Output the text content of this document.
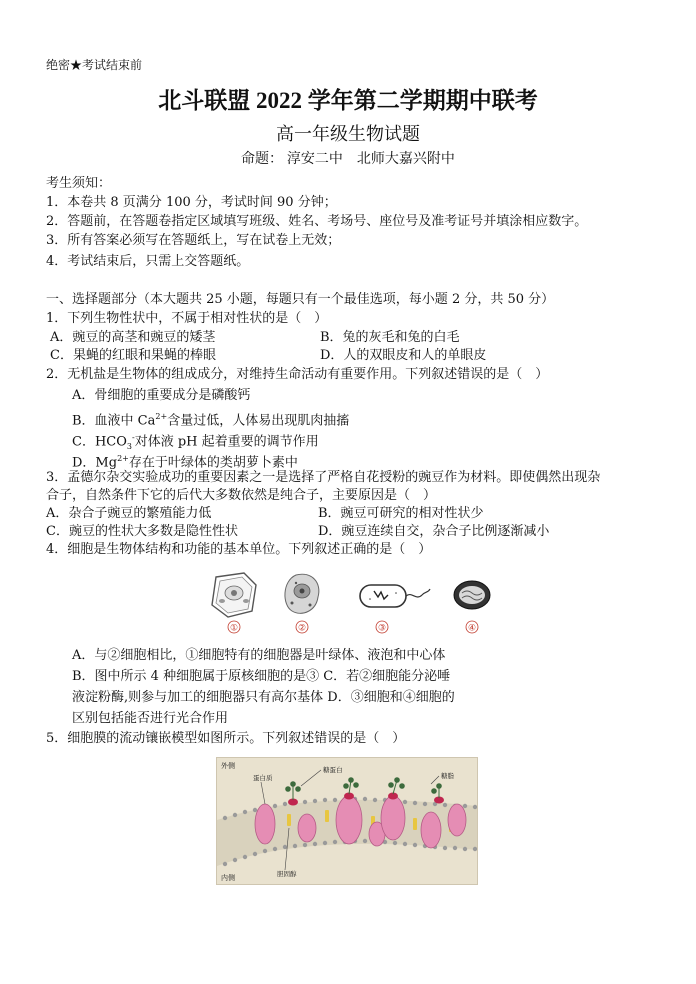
绝密★考试结束前
北斗联盟 2022 学年第二学期期中联考
高一年级生物试题
命题： 淳安二中　北师大嘉兴附中
考生须知：
1．本卷共 8 页满分 100 分，考试时间 90 分钟；
2．答题前，在答题卷指定区域填写班级、姓名、考场号、座位号及准考证号并填涂相应数字。
3．所有答案必须写在答题纸上，写在试卷上无效；
4．考试结束后，只需上交答题纸。
一、选择题部分（本大题共 25 小题，每题只有一个最佳选项，每小题 2 分，共 50 分）
1．下列生物性状中，不属于相对性状的是（　）
A．豌豆的高茎和豌豆的矮茎	B．兔的灰毛和兔的白毛
C．果蝇的红眼和果蝇的棒眼	D．人的双眼皮和人的单眼皮
2．无机盐是生物体的组成成分，对维持生命活动有重要作用。下列叙述错误的是（　）
A．骨细胞的重要成分是磷酸钙
B．血液中 $Ca^{2+}$含量过低，人体易出现肌肉抽搐
C．$HCO_3^-$对体液 pH 起着重要的调节作用
D．$Mg^{2+}$存在于叶绿体的类胡萝卜素中
3．孟德尔杂交实验成功的重要因素之一是选择了严格自花授粉的豌豆作为材料。即使偶然出现杂
合子，自然条件下它的后代大多数依然是纯合子，主要原因是（　）
A．杂合子豌豆的繁殖能力低	B．豌豆可研究的相对性状少
C．豌豆的性状大多数是隐性性状	D．豌豆连续自交，杂合子比例逐渐减小
4．细胞是生物体结构和功能的基本单位。下列叙述正确的是（　）
①	②	③	④
A．与②细胞相比，①细胞特有的细胞器是叶绿体、液泡和中心体
B．图中所示 4 种细胞属于原核细胞的是③ C．若②细胞能分泌唾
液淀粉酶,则参与加工的细胞器只有高尔基体 D．③细胞和④细胞的
区别包括能否进行光合作用
5．细胞膜的流动镶嵌模型如图所示。下列叙述错误的是（　）
外侧
内侧
蛋白质
糖蛋白
糖脂
胆固醇
